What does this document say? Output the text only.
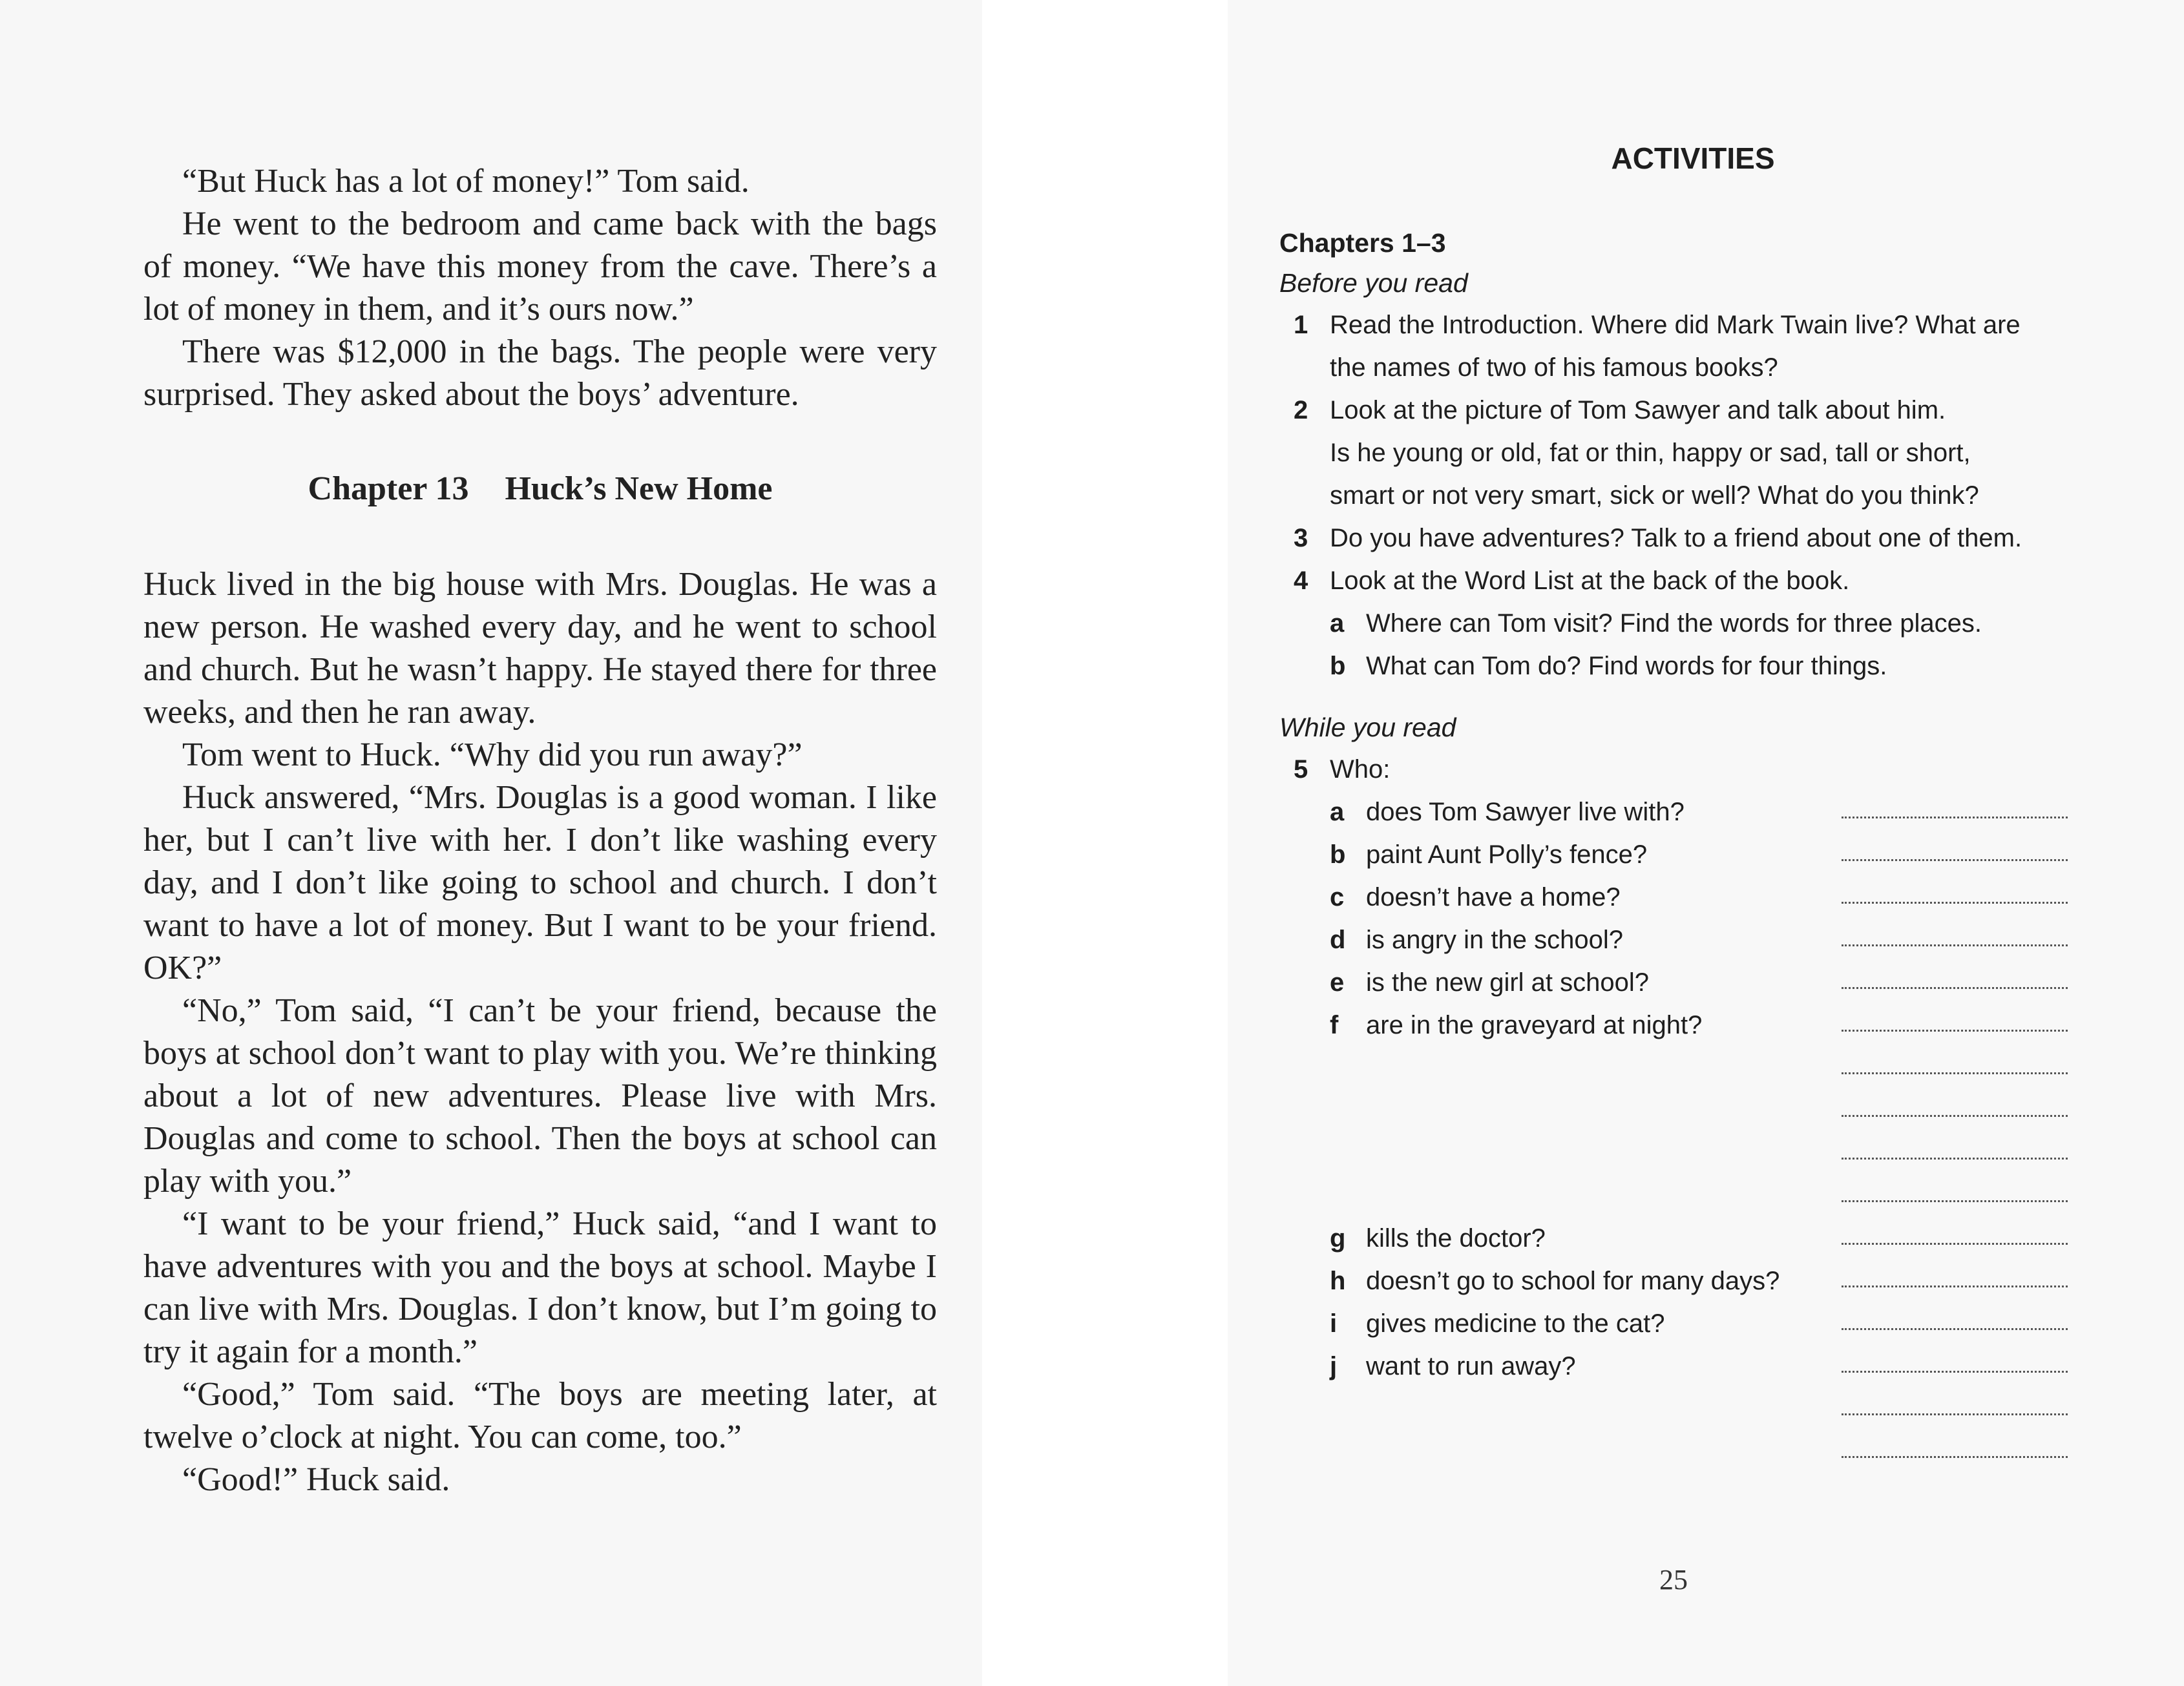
“But Huck has a lot of money!” Tom said.

He went to the bedroom and came back with the bags of money. “We have this money from the cave. There’s a lot of money in them, and it’s ours now.”

There was $12,000 in the bags. The people were very surprised. They asked about the boys’ adventure.

Chapter 13 Huck’s New Home

Huck lived in the big house with Mrs. Douglas. He was a new person. He washed every day, and he went to school and church. But he wasn’t happy. He stayed there for three weeks, and then he ran away.

Tom went to Huck. “Why did you run away?”

Huck answered, “Mrs. Douglas is a good woman. I like her, but I can’t live with her. I don’t like washing every day, and I don’t like going to school and church. I don’t want to have a lot of money. But I want to be your friend. OK?”

“No,” Tom said, “I can’t be your friend, because the boys at school don’t want to play with you. We’re thinking about a lot of new adventures. Please live with Mrs. Douglas and come to school. Then the boys at school can play with you.”

“I want to be your friend,” Huck said, “and I want to have adventures with you and the boys at school. Maybe I can live with Mrs. Douglas. I don’t know, but I’m going to try it again for a month.”

“Good,” Tom said. “The boys are meeting later, at twelve o’clock at night. You can come, too.”

“Good!” Huck said.

ACTIVITIES
Chapters 1–3
Before you read
1 Read the Introduction. Where did Mark Twain live? What are
the names of two of his famous books?
2 Look at the picture of Tom Sawyer and talk about him.
Is he young or old, fat or thin, happy or sad, tall or short,
smart or not very smart, sick or well? What do you think?
3 Do you have adventures? Talk to a friend about one of them.
4 Look at the Word List at the back of the book.
a Where can Tom visit? Find the words for three places.
b What can Tom do? Find words for four things.
While you read
5 Who:
a does Tom Sawyer live with?
b paint Aunt Polly’s fence?
c doesn’t have a home?
d is angry in the school?
e is the new girl at school?
f are in the graveyard at night?
g kills the doctor?
h doesn’t go to school for many days?
i gives medicine to the cat?
j want to run away?
25
